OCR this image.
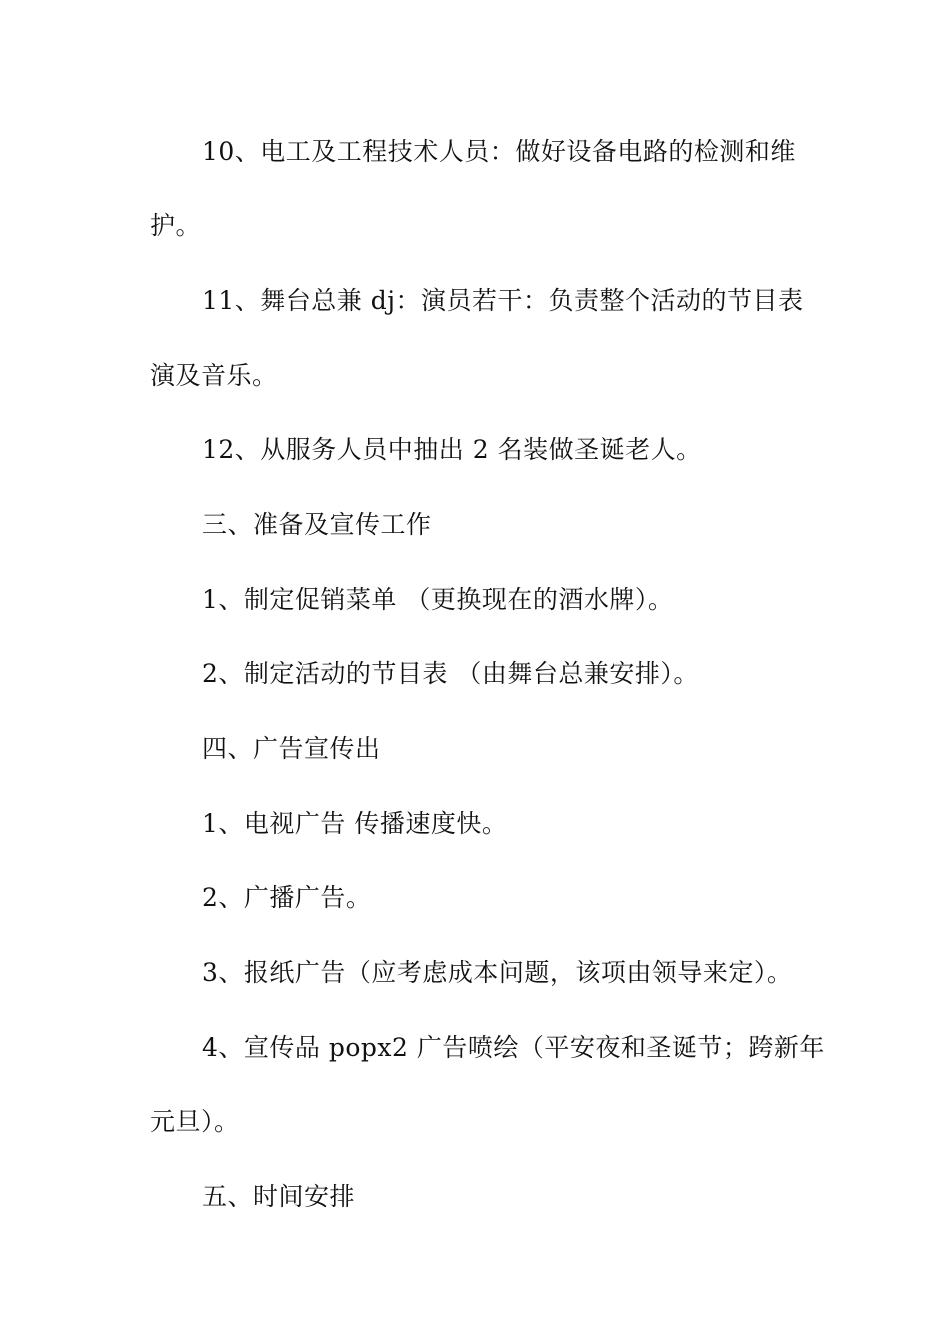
10、电工及工程技术人员：做好设备电路的检测和维
护。
11、舞台总兼 dj：演员若干：负责整个活动的节目表
演及音乐。
12、从服务人员中抽出 2 名装做圣诞老人。
三、准备及宣传工作
1、制定促销菜单 （更换现在的酒水牌）。
2、制定活动的节目表 （由舞台总兼安排）。
四、广告宣传出
1、电视广告 传播速度快。
2、广播广告。
3、报纸广告（应考虑成本问题，该项由领导来定）。
4、宣传品 popx2 广告喷绘（平安夜和圣诞节；跨新年
元旦）。
五、时间安排
